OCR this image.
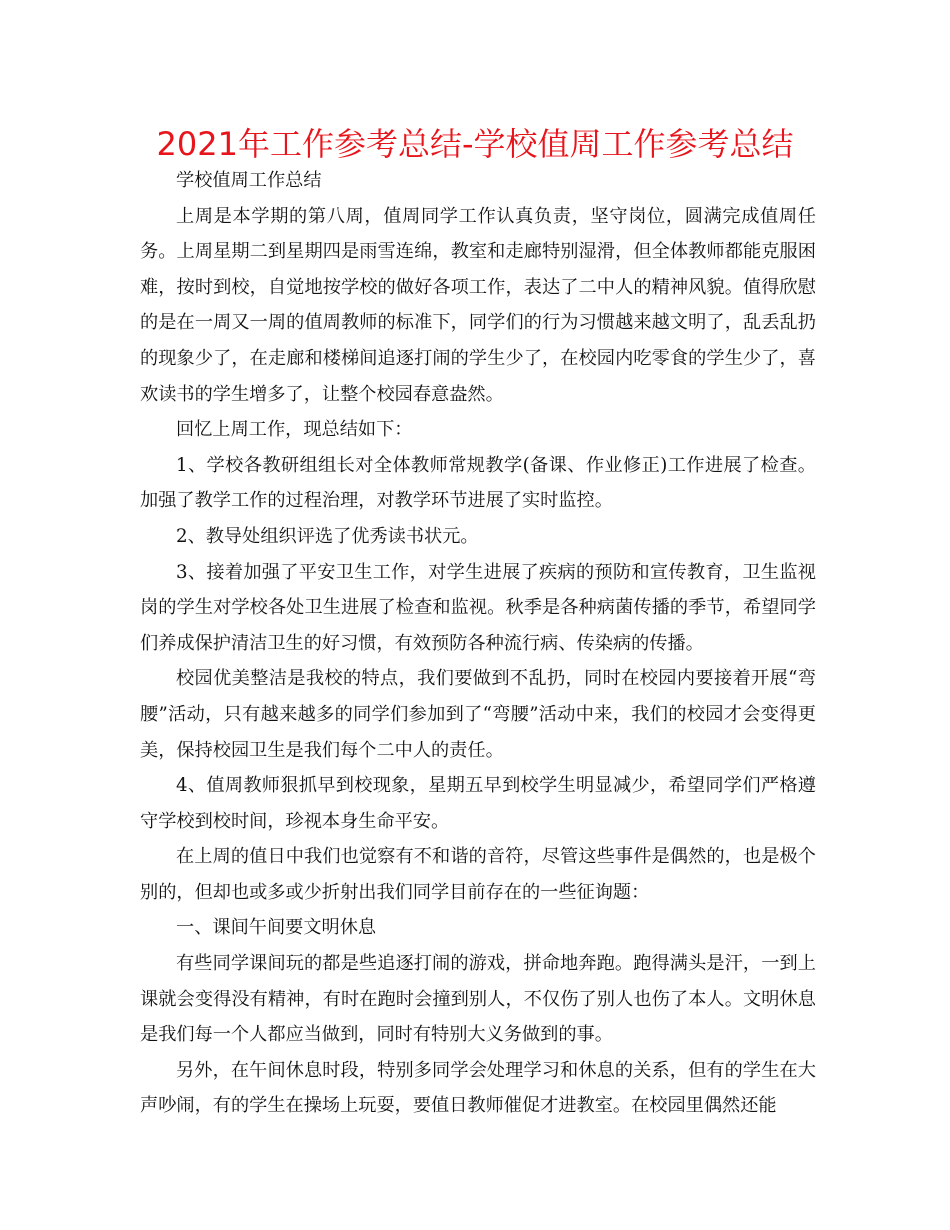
2021年工作参考总结-学校值周工作参考总结

学校值周工作总结

上周是本学期的第八周，值周同学工作认真负责，坚守岗位，圆满完成值周任务。上周星期二到星期四是雨雪连绵，教室和走廊特别湿滑，但全体教师都能克服困难，按时到校，自觉地按学校的做好各项工作，表达了二中人的精神风貌。值得欣慰的是在一周又一周的值周教师的标准下，同学们的行为习惯越来越文明了，乱丢乱扔的现象少了，在走廊和楼梯间追逐打闹的学生少了，在校园内吃零食的学生少了，喜欢读书的学生增多了，让整个校园春意盎然。

回忆上周工作，现总结如下：

1、学校各教研组组长对全体教师常规教学(备课、作业修正)工作进展了检查。加强了教学工作的过程治理，对教学环节进展了实时监控。

2、教导处组织评选了优秀读书状元。

3、接着加强了平安卫生工作，对学生进展了疾病的预防和宣传教育，卫生监视岗的学生对学校各处卫生进展了检查和监视。秋季是各种病菌传播的季节，希望同学们养成保护清洁卫生的好习惯，有效预防各种流行病、传染病的传播。

校园优美整洁是我校的特点，我们要做到不乱扔，同时在校园内要接着开展“弯腰”活动，只有越来越多的同学们参加到了“弯腰”活动中来，我们的校园才会变得更美，保持校园卫生是我们每个二中人的责任。

4、值周教师狠抓早到校现象，星期五早到校学生明显减少，希望同学们严格遵守学校到校时间，珍视本身生命平安。

在上周的值日中我们也觉察有不和谐的音符，尽管这些事件是偶然的，也是极个别的，但却也或多或少折射出我们同学目前存在的一些征询题：

一、课间午间要文明休息

有些同学课间玩的都是些追逐打闹的游戏，拼命地奔跑。跑得满头是汗，一到上课就会变得没有精神，有时在跑时会撞到别人，不仅伤了别人也伤了本人。文明休息是我们每一个人都应当做到，同时有特别大义务做到的事。

另外，在午间休息时段，特别多同学会处理学习和休息的关系，但有的学生在大声吵闹，有的学生在操场上玩耍，要值日教师催促才进教室。在校园里偶然还能
